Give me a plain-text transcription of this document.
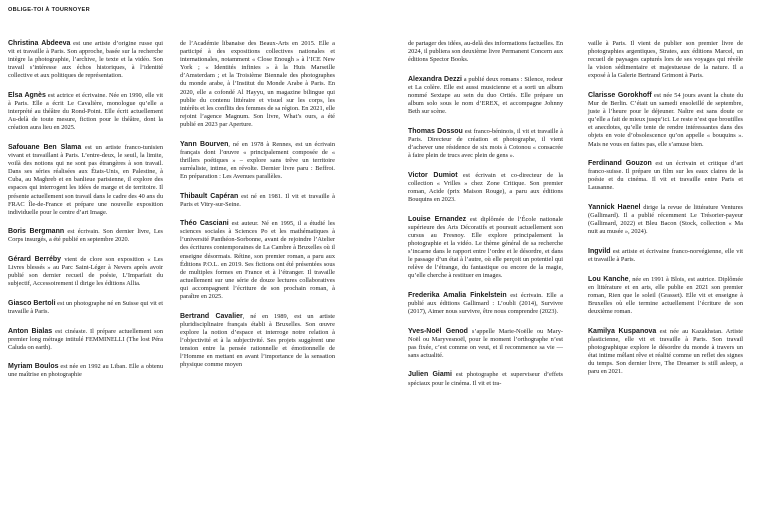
OBLIGE-TOI À TOURNOYER

Christina Abdeeva est une artiste d’origine russe qui vit et travaille à Paris. Son approche, basée sur la recherche intègre la photographie, l’archive, le texte et la vidéo. Son travail s’intéresse aux échos historiques, à l’identité collective et aux politiques de représentation.

Elsa Agnès est actrice et écrivaine. Née en 1990, elle vit à Paris. Elle a écrit Le Cavalière, monologue qu’elle a interprété au théâtre du Rond-Point. Elle écrit actuellement Au-delà de toute mesure, fiction pour le théâtre, dont la création aura lieu en 2025.

Safouane Ben Slama est un artiste franco-tunisien vivant et travaillant à Paris. L’entre-deux, le seuil, la limite, voilà des notions qui ne sont pas étrangères à son travail. Dans ses séries réalisées aux États-Unis, en Palestine, à Cuba, au Maghreb et en banlieue parisienne, il explore des espaces qui interrogent les idées de marge et de territoire. Il présente actuellement son travail dans le cadre des 40 ans du FRAC Île-de-France et prépare une nouvelle exposition individuelle pour le centre d’art Image.

Boris Bergmann est écrivain. Son dernier livre, Les Corps insurgés, a été publié en septembre 2020.

Gérard Berréby vient de clore son exposition « Les Livres blessés » au Parc Saint-Léger à Nevers après avoir publié son dernier recueil de poésie, L’Imparfait du subjectif, Accessoirement il dirige les éditions Allia.

Giasco Bertoli est un photographe né en Suisse qui vit et travaille à Paris.

Anton Bialas est cinéaste. Il prépare actuellement son premier long métrage intitulé FEMMINELLI (The lost Péra Caluda on earth).

Myriam Boulos est née en 1992 au Liban. Elle a obtenu une maîtrise en photographie

de l’Académie libanaise des Beaux-Arts en 2015. Elle a participé à des expositions collectives nationales et internationales, notamment « Close Enough » à l’ICE New York ; « Identités infinies » à la Huis Marseille d’Amsterdam ; et la Troisième Biennale des photographes du monde arabe, à l’Institut du Monde Arabe à Paris. En 2020, elle a cofondé Al Hayyu, un magazine bilingue qui publie du contenu littéraire et visuel sur les corps, les intérêts et les conflits des femmes de sa région. En 2021, elle rejoint l’agence Magnum. Son livre, What’s ours, a été publié en 2023 par Aperture.

Yann Bourven, né en 1978 à Rennes, est un écrivain français dont l’œuvre « principalement composée de « thrillers poétiques » – explore sans trêve un territoire surréaliste, intime, en révolte. Dernier livre paru : Beffroi. En préparation : Les Avenues parallèles.

Thibault Capéran est né en 1981. Il vit et travaille à Paris et Vitry-sur-Seine.

Théo Casciani est auteur. Né en 1995, il a étudié les sciences sociales à Sciences Po et les mathématiques à l’université Panthéon-Sorbonne, avant de rejoindre l’Atelier des écritures contemporaines de La Cambre à Bruxelles où il enseigne désormais. Rétine, son premier roman, a paru aux Éditions P.O.L. en 2019. Ses fictions ont été présentées sous de multiples formes en France et à l’étranger. Il travaille actuellement sur une série de douze lectures collaboratives qui accompagnent l’écriture de son prochain roman, à paraître en 2025.

Bertrand Cavalier, né en 1989, est un artiste pluridisciplinaire français établi à Bruxelles. Son œuvre explore la notion d’espace et interroge notre relation à l’objectivité et à la subjectivité. Ses projets suggèrent une tension entre la pensée rationnelle et émotionnelle de l’Homme en mettant en avant l’importance de la sensation physique comme moyen

de partager des idées, au-delà des informations factuelles. En 2024, il publiera son deuxième livre Permanent Concern aux éditions Spector Books.

Alexandra Dezzi a publié deux romans : Silence, rodeur et La colère. Elle est aussi musicienne et a sorti un album nommé Sextape au sein du duo Ortiés. Elle prépare un album solo sous le nom d’EREX, et accompagne Johnny Beth sur scène.

Thomas Dossou est franco-béninois, il vit et travaille à Paris. Directeur de création et photographe, il vient d’achever une résidence de six mois à Cotonou « consacrée à faire plein de trucs avec plein de gens ».

Victor Dumiot est écrivain et co-directeur de la collection « Vrilles » chez Zone Critique. Son premier roman, Acide (prix Maison Rouge), a paru aux éditions Bouquins en 2023.

Louise Ernandez est diplômée de l’École nationale supérieure des Arts Décoratifs et poursuit actuellement son cursus au Fresnoy. Elle explore principalement la photographie et la vidéo. Le thème général de sa recherche s’incarne dans le rapport entre l’ordre et le désordre, et dans le passage d’un état à l’autre, où elle perçoit un potentiel qui relève de l’étrange, du fantastique ou encore de la magie, qu’elle cherche à restituer en images.

Frederika Amalia Finkelstein est écrivain. Elle a publié aux éditions Gallimard : L’oubli (2014), Survivre (2017), Aimer nous survivre, être nous comprendre (2023).

Yves-Noël Genod s’appelle Marie-Noëlle ou Mary-Noël ou Maryvesnoël, pour le moment l’orthographe n’est pas fixée, c’est comme on veut, et il recommence sa vie — sans actualité.

Julien Giami est photographe et superviseur d’effets spéciaux pour le cinéma. Il vit et tra-

vaille à Paris. Il vient de publier son premier livre de photographies argentiques, Strates, aux éditions Marcel, un recueil de paysages capturés lors de ses voyages qui révèle la vision sédimentaire et majestueuse de la nature. Il a exposé à la Galerie Bertrand Grimont à Paris.

Clarisse Gorokhoff est née 54 jours avant la chute du Mur de Berlin. C’était un samedi ensoleillé de septembre, juste à l’heure pour le déjeuner. Naître est sans doute ce qu’elle a fait de mieux jusqu’ici. Le reste n’est que broutilles et anecdotes, qu’elle tente de rendre intéressantes dans des objets en voie d’obsolescence qu’on appelle « bouquins ». Mais ne vous en faites pas, elle s’amuse bien.

Ferdinand Gouzon est un écrivain et critique d’art franco-suisse. Il prépare un film sur les eaux claires de la poésie et du cinéma. Il vit et travaille entre Paris et Lausanne.

Yannick Haenel dirige la revue de littérature Ventures (Gallimard). Il a publié récemment Le Trésorier-payeur (Gallimard, 2022) et Bleu Bacon (Stock, collection « Ma nuit au musée », 2024).

Ingvild est artiste et écrivaine franco-norvégienne, elle vit et travaille à Paris.

Lou Kanche, née en 1991 à Blois, est autrice. Diplômée en littérature et en arts, elle publie en 2021 son premier roman, Rien que le soleil (Grasset). Elle vit et enseigne à Bruxelles où elle termine actuellement l’écriture de son deuxième roman.

Kamilya Kuspanova est née au Kazakhstan. Artiste plasticienne, elle vit et travaille à Paris. Son travail photographique explore le désordre du monde à travers un état intime mêlant rêve et réalité comme un reflet des signes du temps. Son dernier livre, The Dreamer is still asleep, a paru en 2021.
